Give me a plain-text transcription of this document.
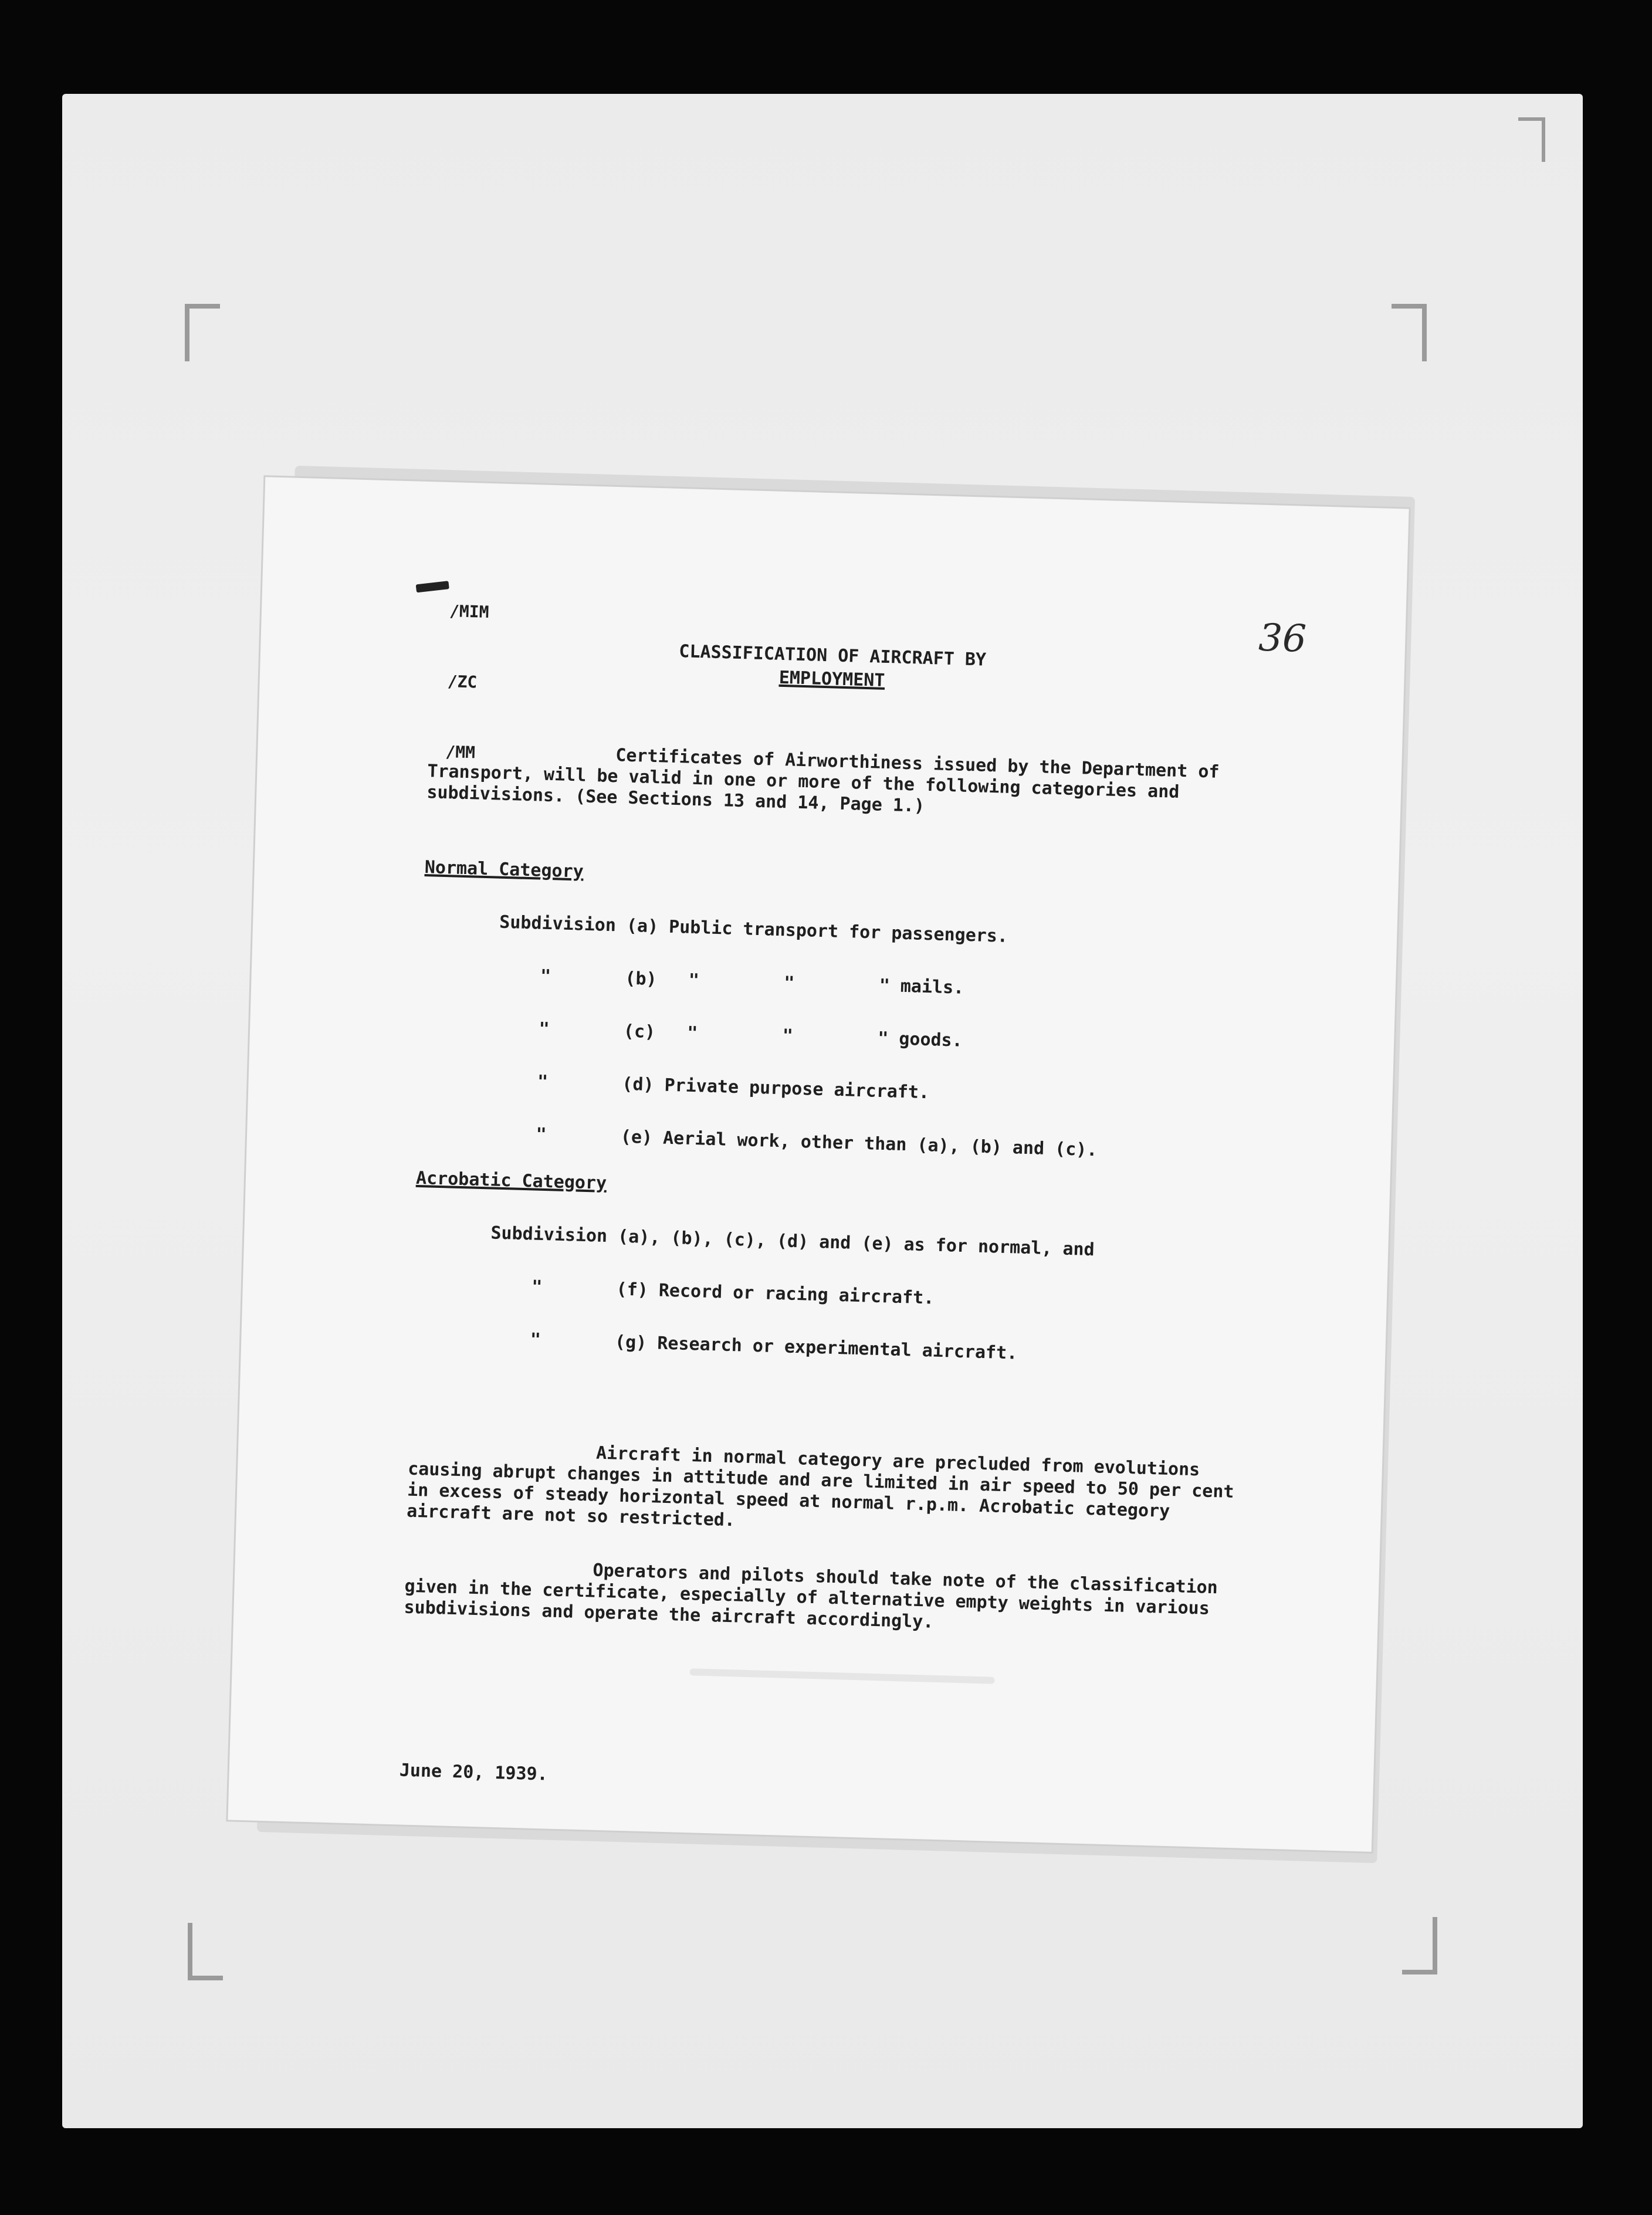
/MIM

/ZC

/MM

36
CLASSIFICATION OF AIRCRAFT BY
EMPLOYMENT
Certificates of Airworthiness issued by the Department of Transport, will be valid in one or more of the following categories and subdivisions. (See Sections 13 and 14, Page 1.)
Normal Category
Subdivision (a) Public transport for passengers.
"       (b)   "        "        " mails.
"       (c)   "        "        " goods.
"       (d) Private purpose aircraft.
"       (e) Aerial work, other than (a), (b) and (c).
Acrobatic Category
Subdivision (a), (b), (c), (d) and (e) as for normal, and
"       (f) Record or racing aircraft.
"       (g) Research or experimental aircraft.
Aircraft in normal category are precluded from evolutions causing abrupt changes in attitude and are limited in air speed to 50 per cent in excess of steady horizontal speed at normal r.p.m. Acrobatic category aircraft are not so restricted.
Operators and pilots should take note of the classification given in the certificate, especially of alternative empty weights in various subdivisions and operate the aircraft accordingly.
June 20, 1939.
